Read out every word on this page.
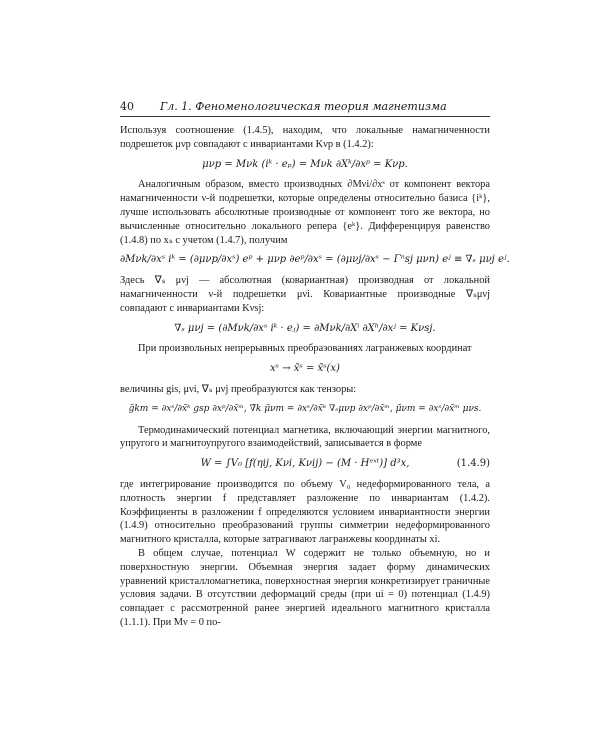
40	Гл. 1. Феноменологическая теория магнетизма

Используя соотношение (1.4.5), находим, что локальные намагниченности подрешеток μνp совпадают с инвариантами Kνp в (1.4.2):

μνp = Mνk (iᵏ · eₚ) = Mνk ∂Xᵏ/∂xᵖ = Kνp.

Аналогичным образом, вместо производных ∂Mνi/∂xˢ от компонент вектора намагниченности ν-й подрешетки, которые определены относительно базиса {iᵏ}, лучше использовать абсолютные производные от компонент того же вектора, но вычисленные относительно локального репера {eᵏ}. Дифференцируя равенство (1.4.8) по xₛ с учетом (1.4.7), получим

∂Mνk/∂xˢ iᵏ = (∂μνp/∂xˢ) eᵖ + μνp ∂eᵖ/∂xˢ = (∂μνj/∂xˢ − Γⁿsj μνn) eʲ ≡ ∇ₛ μνj eʲ.

Здесь ∇ₛ μνj — абсолютная (ковариантная) производная от локальной намагниченности ν-й подрешетки μνi. Ковариантные производные ∇ₛμνj совпадают с инвариантами Kνsj:

∇ₛ μνj = (∂Mνk/∂xˢ iᵏ · eⱼ) = ∂Mνk/∂Xⁱ ∂Xʰ/∂xʲ = Kνsj.

При произвольных непрерывных преобразованиях лагранжевых координат

xˢ → x̃ˢ = x̃ˢ(x)

величины gis, μνi, ∇ₛ μνj преобразуются как тензоры:

g̃km = ∂xˢ/∂x̃ᵏ gsp ∂xᵖ/∂x̃ᵐ, ∇̃k μ̃νm = ∂xˢ/∂x̃ᵏ ∇ₛμνp ∂xᵖ/∂x̃ᵐ, μ̃νm = ∂xˢ/∂x̃ᵐ μνs.

Термодинамический потенциал магнетика, включающий энергии магнитного, упругого и магнитоупругого взаимодействий, записывается в форме

W = ∫V₀ [f(ηij, Kνi, Kνij) − (M · Hᵉˣᵗ)] d³x,	(1.4.9)

где интегрирование производится по объему V₀ недеформированного тела, а плотность энергии f представляет разложение по инвариантам (1.4.2). Коэффициенты в разложении f определяются условием инвариантности энергии (1.4.9) относительно преобразований группы симметрии недеформированного магнитного кристалла, которые затрагивают лагранжевы координаты xi.

В общем случае, потенциал W содержит не только объемную, но и поверхностную энергии. Объемная энергия задает форму динамических уравнений кристалломагнетика, поверхностная энергия конкретизирует граничные условия задачи. В отсутствии деформаций среды (при ui = 0) потенциал (1.4.9) совпадает с рассмотренной ранее энергией идеального магнитного кристалла (1.1.1). При Mν = 0 по-
